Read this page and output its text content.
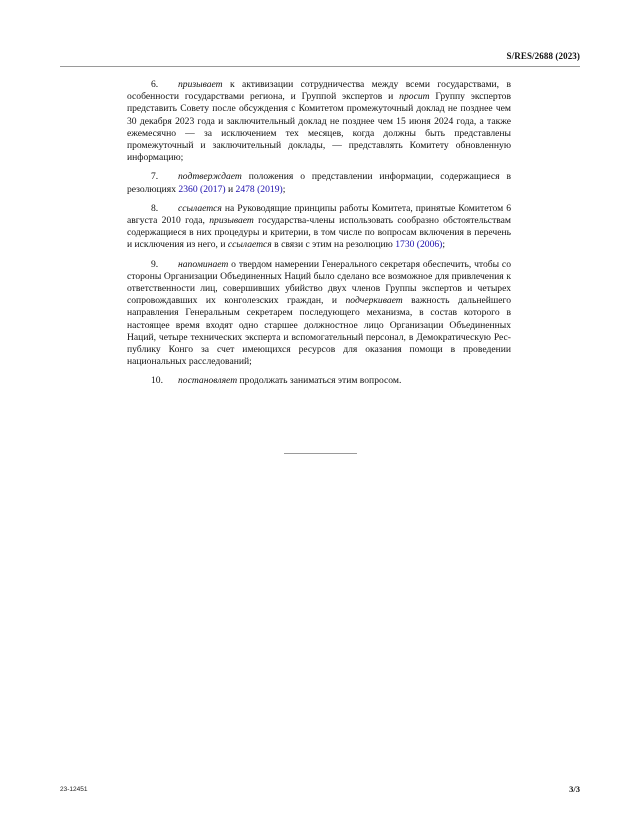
S/RES/2688 (2023)

6. призывает к активизации сотрудничества между всеми государствами, в особенности государствами региона, и Группой экспертов и просит Группу экспертов представить Совету после обсуждения с Комитетом промежуточный доклад не позднее чем 30 декабря 2023 года и заключительный доклад не позднее чем 15 июня 2024 года, а также ежемесячно — за исключением тех месяцев, когда должны быть представлены промежуточный и заключительный доклады, — представлять Комитету обновленную информацию;

7. подтверждает положения о представлении информации, содержащиеся в резолюциях 2360 (2017) и 2478 (2019);

8. ссылается на Руководящие принципы работы Комитета, принятые Комитетом 6 августа 2010 года, призывает государства-члены использовать сообразно обстоятельствам содержащиеся в них процедуры и критерии, в том числе по вопросам включения в перечень и исключения из него, и ссылается в связи с этим на резолюцию 1730 (2006);

9. напоминает о твердом намерении Генерального секретаря обеспечить, чтобы со стороны Организации Объединенных Наций было сделано все возможное для привлечения к ответственности лиц, совершивших убийство двух членов Группы экспертов и четырех сопровождавших их конголезских граждан, и подчеркивает важность дальнейшего направления Генеральным секретарем последующего механизма, в состав которого в настоящее время входят одно старшее должностное лицо Организации Объединенных Наций, четыре технических эксперта и вспомогательный персонал, в Демократическую Республику Конго за счет имеющихся ресурсов для оказания помощи в проведении национальных расследований;

10. постановляет продолжать заниматься этим вопросом.

23-12451	3/3
